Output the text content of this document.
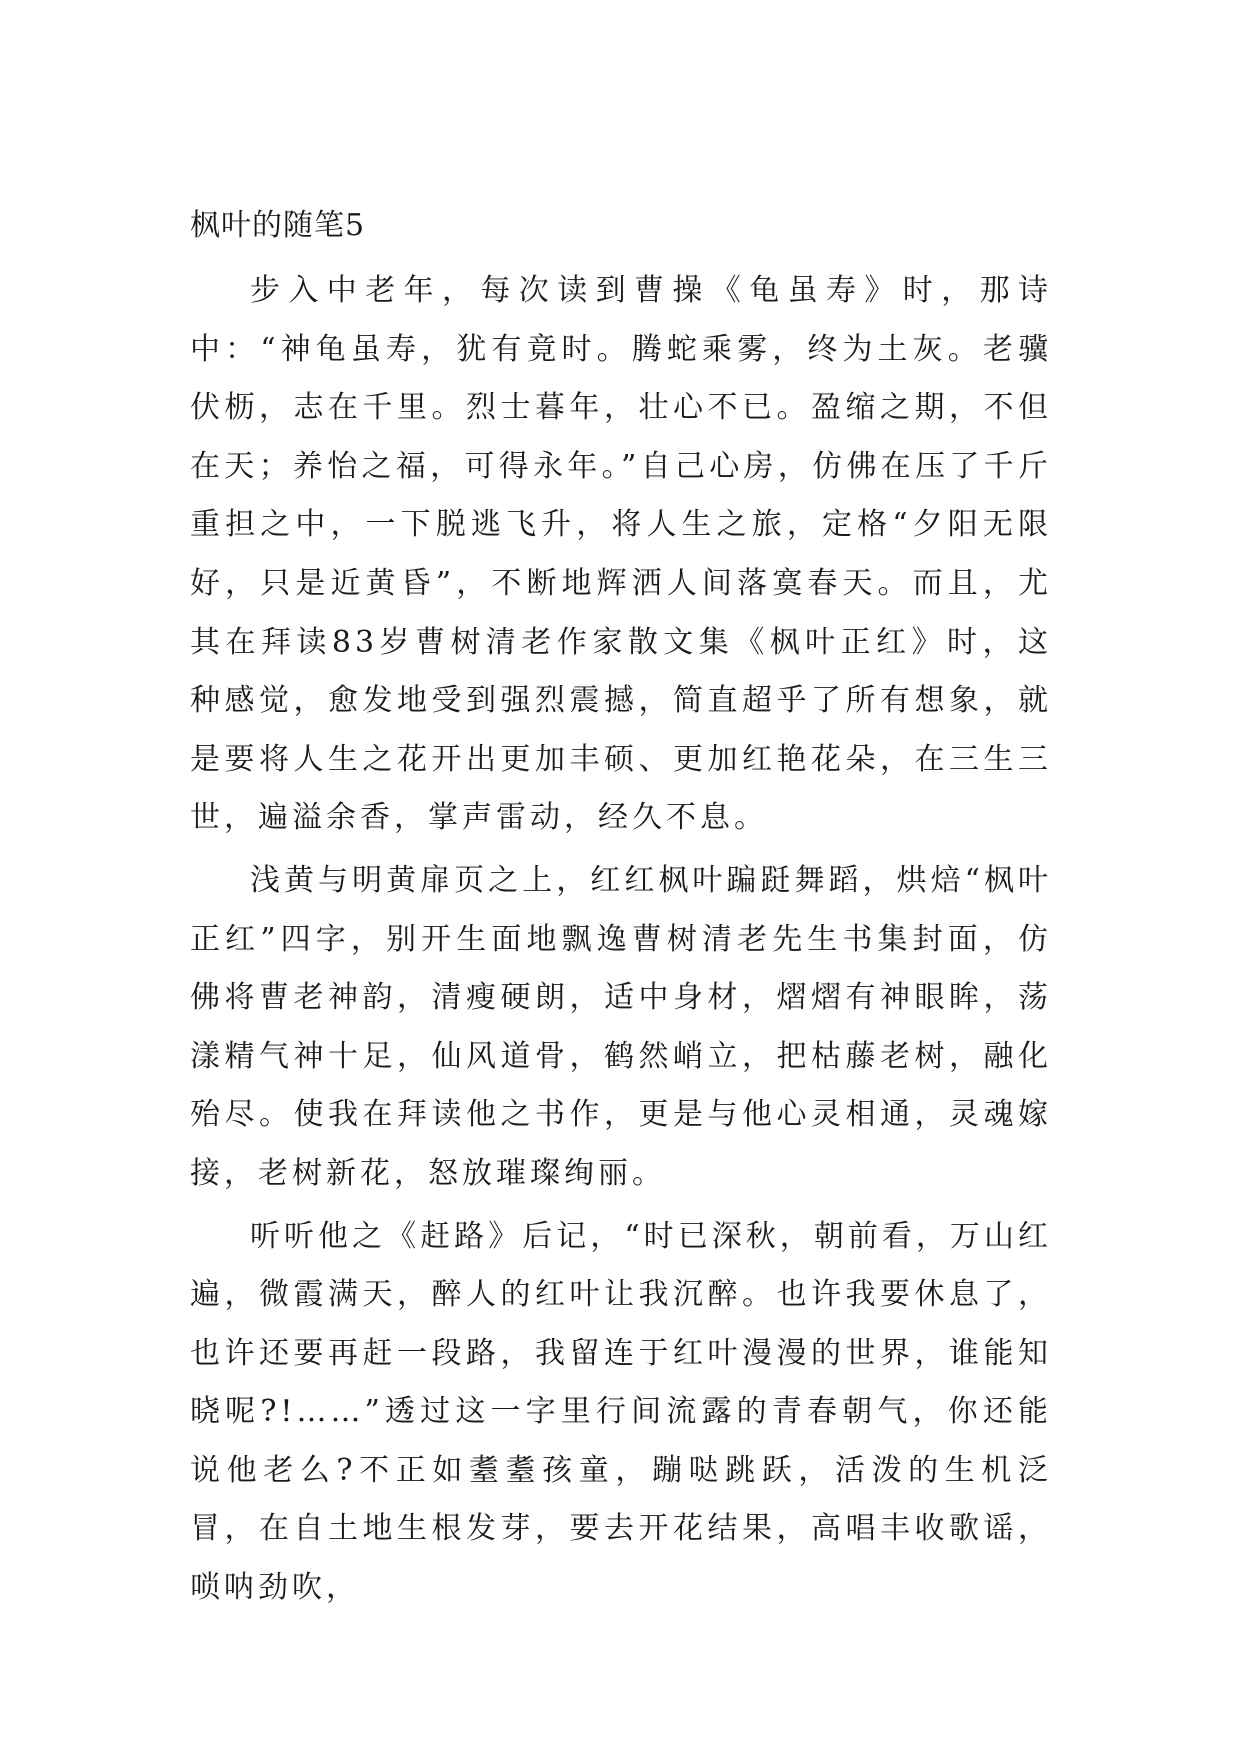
枫叶的随笔5

步入中老年，每次读到曹操《龟虽寿》时，那诗中：“神龟虽寿，犹有竟时。腾蛇乘雾，终为土灰。老骥伏枥，志在千里。烈士暮年，壮心不已。盈缩之期，不但在天；养怡之福，可得永年。”自己心房，仿佛在压了千斤重担之中，一下脱逃飞升，将人生之旅，定格“夕阳无限好，只是近黄昏”，不断地辉洒人间落寞春天。而且，尤其在拜读83岁曹树清老作家散文集《枫叶正红》时，这种感觉，愈发地受到强烈震撼，简直超乎了所有想象，就是要将人生之花开出更加丰硕、更加红艳花朵，在三生三世，遍溢余香，掌声雷动，经久不息。

浅黄与明黄扉页之上，红红枫叶蹁跹舞蹈，烘焙“枫叶正红”四字，别开生面地飘逸曹树清老先生书集封面，仿佛将曹老神韵，清瘦硬朗，适中身材，熠熠有神眼眸，荡漾精气神十足，仙风道骨，鹤然峭立，把枯藤老树，融化殆尽。使我在拜读他之书作，更是与他心灵相通，灵魂嫁接，老树新花，怒放璀璨绚丽。

听听他之《赶路》后记，“时已深秋，朝前看，万山红遍，微霞满天，醉人的红叶让我沉醉。也许我要休息了，也许还要再赶一段路，我留连于红叶漫漫的世界，谁能知晓呢?!……”透过这一字里行间流露的青春朝气，你还能说他老么?不正如耋耋孩童，蹦哒跳跃，活泼的生机泛冒，在自土地生根发芽，要去开花结果，高唱丰收歌谣，唢呐劲吹，
